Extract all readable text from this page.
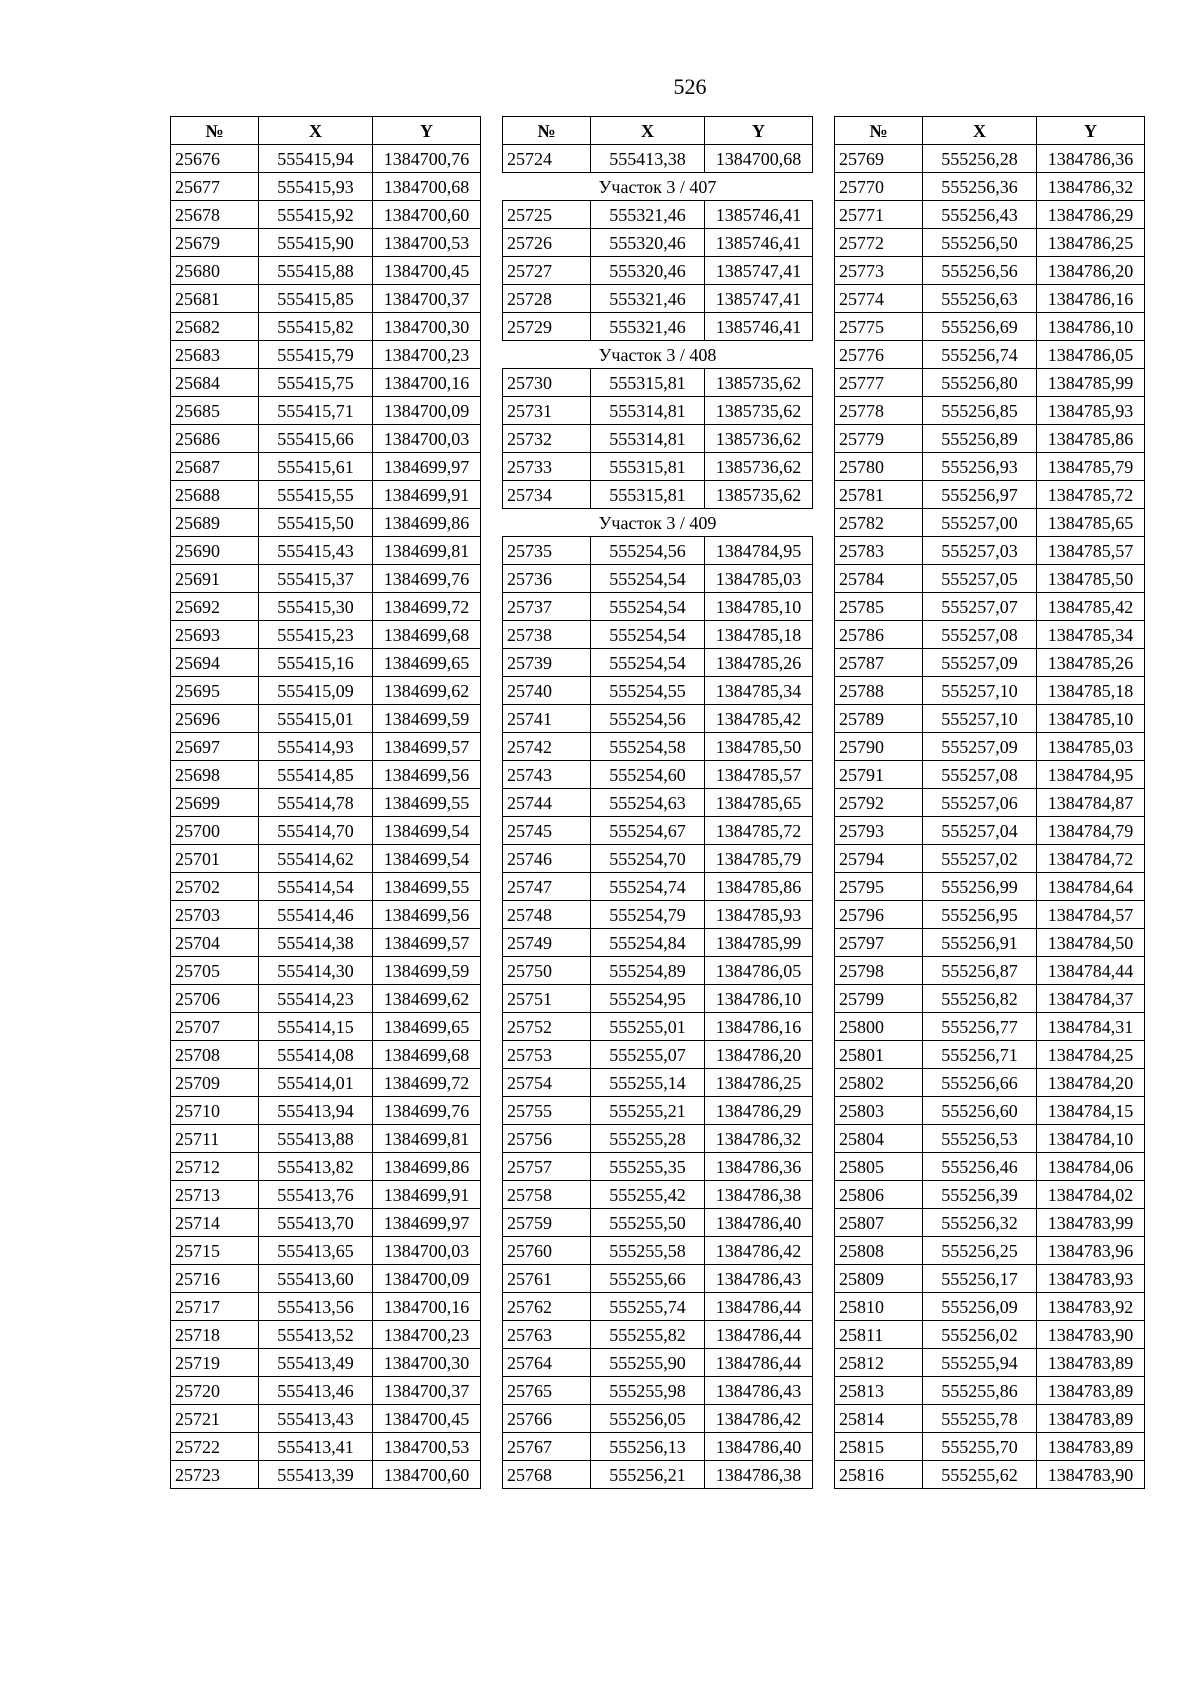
526
№	X	Y
25676	555415,94	1384700,76
25677	555415,93	1384700,68
25678	555415,92	1384700,60
25679	555415,90	1384700,53
25680	555415,88	1384700,45
25681	555415,85	1384700,37
25682	555415,82	1384700,30
25683	555415,79	1384700,23
25684	555415,75	1384700,16
25685	555415,71	1384700,09
25686	555415,66	1384700,03
25687	555415,61	1384699,97
25688	555415,55	1384699,91
25689	555415,50	1384699,86
25690	555415,43	1384699,81
25691	555415,37	1384699,76
25692	555415,30	1384699,72
25693	555415,23	1384699,68
25694	555415,16	1384699,65
25695	555415,09	1384699,62
25696	555415,01	1384699,59
25697	555414,93	1384699,57
25698	555414,85	1384699,56
25699	555414,78	1384699,55
25700	555414,70	1384699,54
25701	555414,62	1384699,54
25702	555414,54	1384699,55
25703	555414,46	1384699,56
25704	555414,38	1384699,57
25705	555414,30	1384699,59
25706	555414,23	1384699,62
25707	555414,15	1384699,65
25708	555414,08	1384699,68
25709	555414,01	1384699,72
25710	555413,94	1384699,76
25711	555413,88	1384699,81
25712	555413,82	1384699,86
25713	555413,76	1384699,91
25714	555413,70	1384699,97
25715	555413,65	1384700,03
25716	555413,60	1384700,09
25717	555413,56	1384700,16
25718	555413,52	1384700,23
25719	555413,49	1384700,30
25720	555413,46	1384700,37
25721	555413,43	1384700,45
25722	555413,41	1384700,53
25723	555413,39	1384700,60
№	X	Y
25724	555413,38	1384700,68
Участок 3 / 407		
25725	555321,46	1385746,41
25726	555320,46	1385746,41
25727	555320,46	1385747,41
25728	555321,46	1385747,41
25729	555321,46	1385746,41
Участок 3 / 408		
25730	555315,81	1385735,62
25731	555314,81	1385735,62
25732	555314,81	1385736,62
25733	555315,81	1385736,62
25734	555315,81	1385735,62
Участок 3 / 409		
25735	555254,56	1384784,95
25736	555254,54	1384785,03
25737	555254,54	1384785,10
25738	555254,54	1384785,18
25739	555254,54	1384785,26
25740	555254,55	1384785,34
25741	555254,56	1384785,42
25742	555254,58	1384785,50
25743	555254,60	1384785,57
25744	555254,63	1384785,65
25745	555254,67	1384785,72
25746	555254,70	1384785,79
25747	555254,74	1384785,86
25748	555254,79	1384785,93
25749	555254,84	1384785,99
25750	555254,89	1384786,05
25751	555254,95	1384786,10
25752	555255,01	1384786,16
25753	555255,07	1384786,20
25754	555255,14	1384786,25
25755	555255,21	1384786,29
25756	555255,28	1384786,32
25757	555255,35	1384786,36
25758	555255,42	1384786,38
25759	555255,50	1384786,40
25760	555255,58	1384786,42
25761	555255,66	1384786,43
25762	555255,74	1384786,44
25763	555255,82	1384786,44
25764	555255,90	1384786,44
25765	555255,98	1384786,43
25766	555256,05	1384786,42
25767	555256,13	1384786,40
25768	555256,21	1384786,38
№	X	Y
25769	555256,28	1384786,36
25770	555256,36	1384786,32
25771	555256,43	1384786,29
25772	555256,50	1384786,25
25773	555256,56	1384786,20
25774	555256,63	1384786,16
25775	555256,69	1384786,10
25776	555256,74	1384786,05
25777	555256,80	1384785,99
25778	555256,85	1384785,93
25779	555256,89	1384785,86
25780	555256,93	1384785,79
25781	555256,97	1384785,72
25782	555257,00	1384785,65
25783	555257,03	1384785,57
25784	555257,05	1384785,50
25785	555257,07	1384785,42
25786	555257,08	1384785,34
25787	555257,09	1384785,26
25788	555257,10	1384785,18
25789	555257,10	1384785,10
25790	555257,09	1384785,03
25791	555257,08	1384784,95
25792	555257,06	1384784,87
25793	555257,04	1384784,79
25794	555257,02	1384784,72
25795	555256,99	1384784,64
25796	555256,95	1384784,57
25797	555256,91	1384784,50
25798	555256,87	1384784,44
25799	555256,82	1384784,37
25800	555256,77	1384784,31
25801	555256,71	1384784,25
25802	555256,66	1384784,20
25803	555256,60	1384784,15
25804	555256,53	1384784,10
25805	555256,46	1384784,06
25806	555256,39	1384784,02
25807	555256,32	1384783,99
25808	555256,25	1384783,96
25809	555256,17	1384783,93
25810	555256,09	1384783,92
25811	555256,02	1384783,90
25812	555255,94	1384783,89
25813	555255,86	1384783,89
25814	555255,78	1384783,89
25815	555255,70	1384783,89
25816	555255,62	1384783,90
